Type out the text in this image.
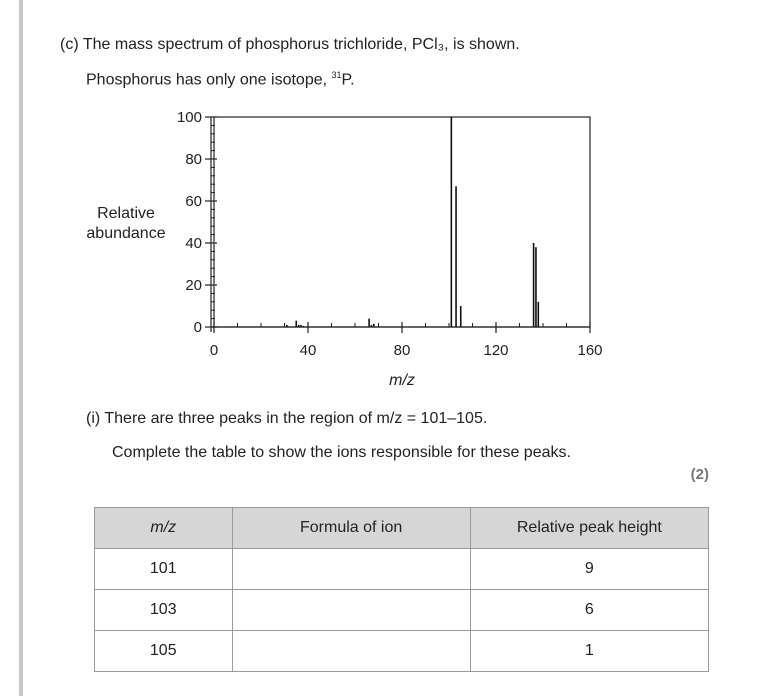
(c) The mass spectrum of phosphorus trichloride, PCl₃, is shown.
Phosphorus has only one isotope, $^{31}$P.
Relative abundance
0
20
40
60
80
100
0	40	80	120	160
m/z
(i) There are three peaks in the region of m/z = 101–105.
Complete the table to show the ions responsible for these peaks.
(2)
m/z	Formula of ion	Relative peak height
101		9
103		6
105		1
